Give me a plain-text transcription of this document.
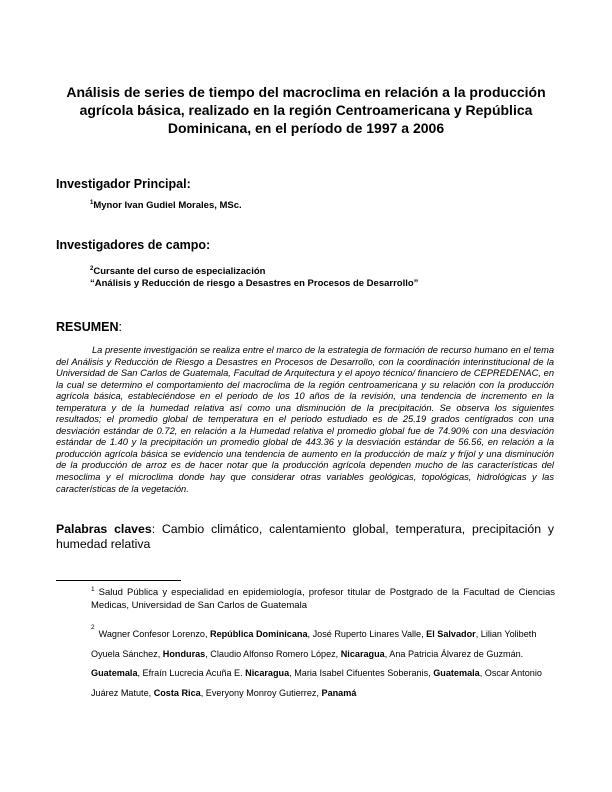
Análisis de series de tiempo del macroclima en relación a la producción
agrícola básica, realizado en la región Centroamericana y República
Dominicana, en el período de 1997 a 2006
Investigador Principal:

$^1$Mynor Ivan Gudiel Morales, MSc.

Investigadores de campo:

$^2$Cursante del curso de especialización

“Análisis y Reducción de riesgo a Desastres en Procesos de Desarrollo”

RESUMEN:

La presente investigación se realiza entre el marco de la estrategia de formación de recurso humano en el tema del Análisis y Reducción de Riesgo a Desastres en Procesos de Desarrollo, con la coordinación interinstitucional de la Universidad de San Carlos de Guatemala, Facultad de Arquitectura y el apoyo técnico/ financiero de CEPREDENAC, en la cual se determino el comportamiento del macroclima de la región centroamericana y su relación con la producción agrícola básica, estableciéndose en el periodo de los 10 años de la revisión, una tendencia de incremento en la temperatura y de la humedad relativa así como una disminución de la precipitación. Se observa los siguientes resultados; el promedio global de temperatura en el periodo estudiado es de 25.19 grados centígrados con una desviación estándar de 0.72, en relación a la Humedad relativa el promedio global fue de 74.90% con una desviación estándar de 1.40 y la precipitación un promedio global de 443.36 y la desviación estándar de 56.56, en relación a la producción agrícola básica se evidencio una tendencia de aumento en la producción de maíz y fríjol y una disminución de la producción de arroz es de hacer notar que la producción agrícola dependen mucho de las características del mesoclima y el microclima donde hay que considerar otras variables geológicas, topológicas, hidrológicas y las características de la vegetación.

Palabras claves: Cambio climático, calentamiento global, temperatura, precipitación y humedad relativa

$^1$ Salud Pública y especialidad en epidemiología, profesor titular de Postgrado de la Facultad de Ciencias Medicas, Universidad de San Carlos de Guatemala

$^2$Wagner Confesor Lorenzo, República Dominicana, José Ruperto Linares Valle, El Salvador, Lilian Yolibeth Oyuela Sánchez, Honduras, Claudio Alfonso Romero López, Nicaragua, Ana Patricia Álvarez de Guzmán. Guatemala, Efraín Lucrecia Acuña E. Nicaragua, Maria Isabel Cifuentes Soberanis, Guatemala, Oscar Antonio Juárez Matute, Costa Rica, Everyony Monroy Gutierrez, Panamá
